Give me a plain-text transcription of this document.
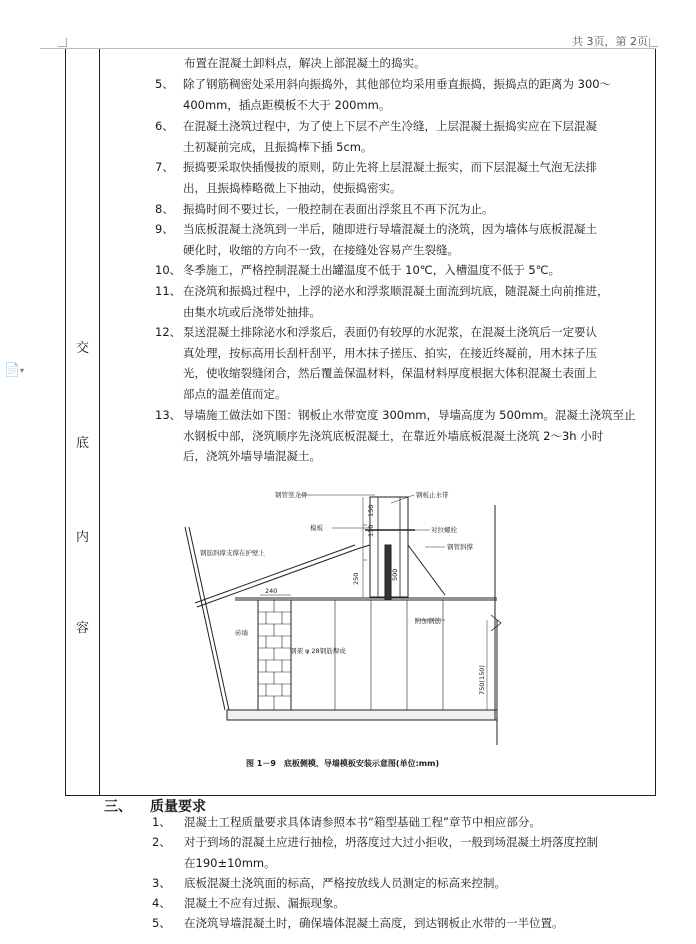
共 3页，第 2页
📄 ▾
交
底
内
容
布置在混凝土卸料点，解决上部混凝土的捣实。
5、 除了钢筋稠密处采用斜向振捣外，其他部位均采用垂直振捣，振捣点的距离为 300～
400mm，插点距模板不大于 200mm。
6、 在混凝土浇筑过程中，为了使上下层不产生冷缝，上层混凝土振捣实应在下层混凝
土初凝前完成，且振捣棒下插 5cm。
7、 振捣要采取快插慢拔的原则，防止先将上层混凝土振实，而下层混凝土气泡无法排
出，且振捣棒略微上下抽动，使振捣密实。
8、 振捣时间不要过长，一般控制在表面出浮浆且不再下沉为止。
9、 当底板混凝土浇筑到一半后，随即进行导墙混凝土的浇筑，因为墙体与底板混凝土
硬化时，收缩的方向不一致，在接缝处容易产生裂缝。
10、 冬季施工，严格控制混凝土出罐温度不低于 10℃，入槽温度不低于 5℃。
11、 在浇筑和振捣过程中，上浮的泌水和浮浆顺混凝土面流到坑底，随混凝土向前推进，
由集水坑或后浇带处抽排。
12、 泵送混凝土排除泌水和浮浆后，表面仍有较厚的水泥浆，在混凝土浇筑后一定要认
真处理，按标高用长刮杆刮平，用木抹子搓压、拍实，在接近终凝前，用木抹子压
光，使收缩裂缝闭合，然后覆盖保温材料，保温材料厚度根据大体积混凝土表面上
部点的温差值而定。
13、 导墙施工做法如下图：钢板止水带宽度 300mm，导墙高度为 500mm。混凝土浇筑至止
水钢板中部，浇筑顺序先浇筑底板混凝土，在靠近外墙底板混凝土浇筑 2～3h 小时
后，浇筑外墙导墙混凝土。
钢管竖龙骨	钢板止水带
模板	对拉螺栓
钢筋斜撑支撑在护壁上
钢管斜撑
砖墙
钢架 φ 28钢筋焊成
附加钢筋
240
150
150
250	500
750(150)
图 1－9　底板侧模、导墙模板安装示意图(单位:mm)
三、 质量要求
1、 混凝土工程质量要求具体请参照本书“箱型基础工程”章节中相应部分。
2、 对于到场的混凝土应进行抽检，坍落度过大过小拒收，一般到场混凝土坍落度控制
在190±10mm。
3、 底板混凝土浇筑面的标高，严格按放线人员测定的标高来控制。
4、 混凝土不应有过振、漏振现象。
5、 在浇筑导墙混凝土时，确保墙体混凝土高度，到达钢板止水带的一半位置。
